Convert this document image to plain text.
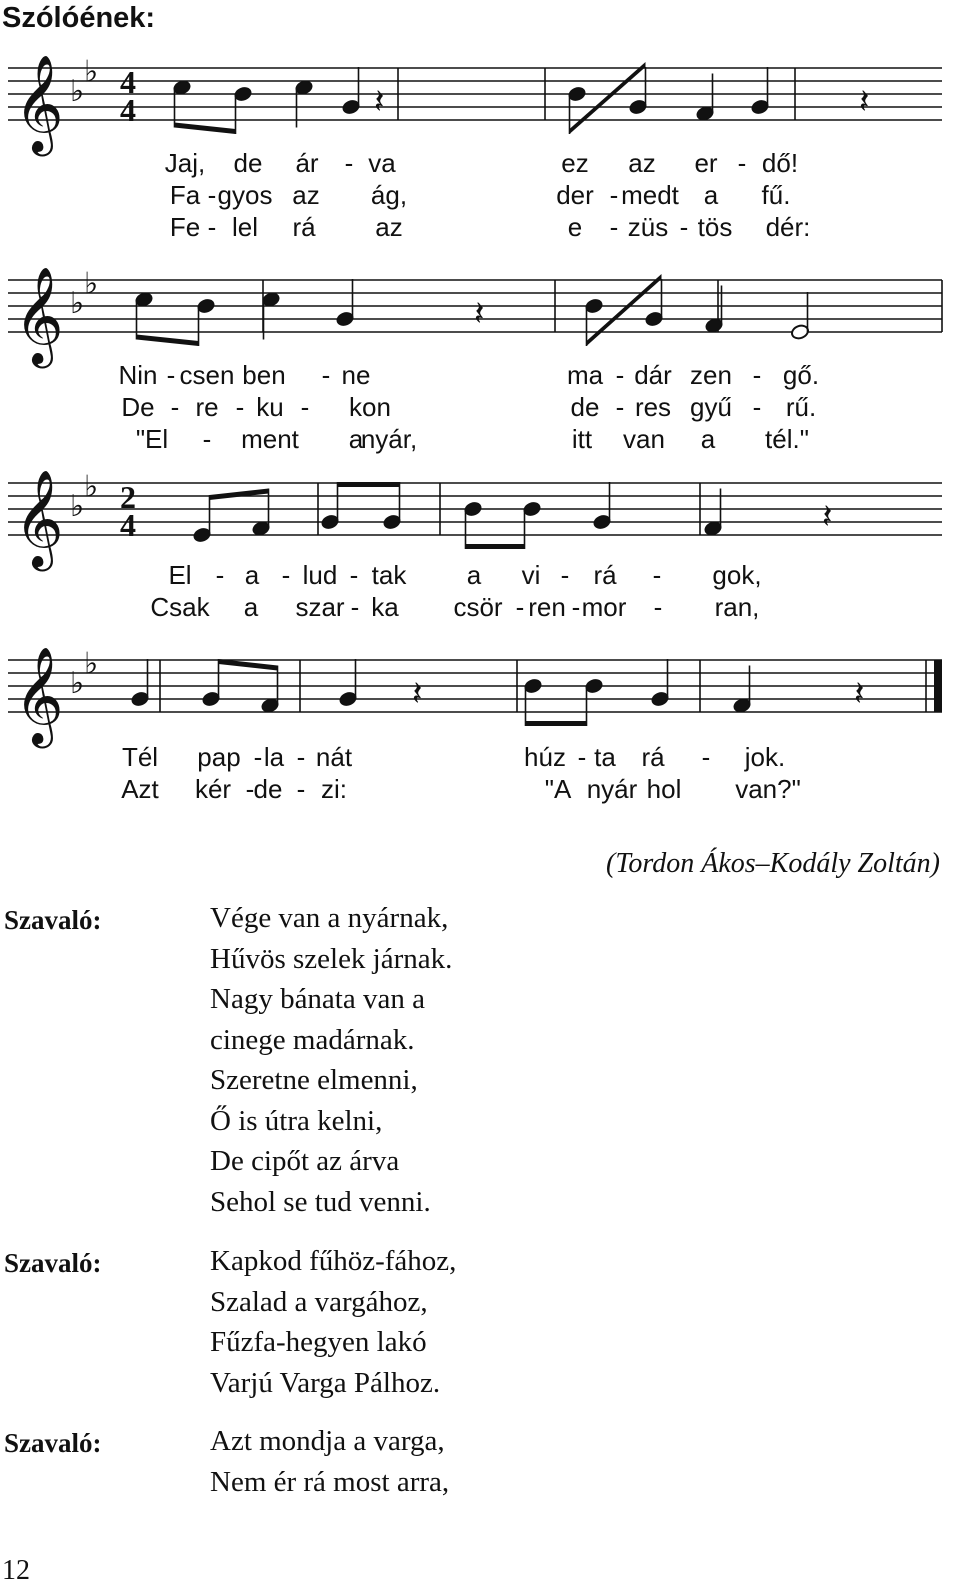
Szólóének:
𝄞 ♭
♭ 4
4	𝄽	𝄽
Jaj, de ár - va	ez az er - dő!
Fa - gyos az ág,	der - medt a fű.
Fe - lel rá az	e - züs - tös dér:
𝄞 ♭
♭
𝄽
Nin - csen ben - ne	ma - dár zen - gő.
De - re - ku - kon	de - res gyű - rű.
"El - ment a
nyár,	itt van a tél."
𝄞 ♭
♭ 2
4	𝄽
El - a - lud - tak a vi - rá - gok,
Csak a szar - ka csör - ren - mor - ran,
𝄞 ♭
♭
𝄽	𝄽
Tél pap - la - nát	húz - ta rá - jok.
Azt kér - de - zi:	"A nyár hol van?"
(Tordon Ákos–Kodály Zoltán)
Szavaló:	Vége van a nyárnak,
Hűvös szelek járnak.
Nagy bánata van a
cinege madárnak.
Szeretne elmenni,
Ő is útra kelni,
De cipőt az árva
Sehol se tud venni.
Szavaló:	Kapkod fűhöz-fához,
Szalad a vargához,
Fűzfa-hegyen lakó
Varjú Varga Pálhoz.
Szavaló:	Azt mondja a varga,
Nem ér rá most arra,
12
